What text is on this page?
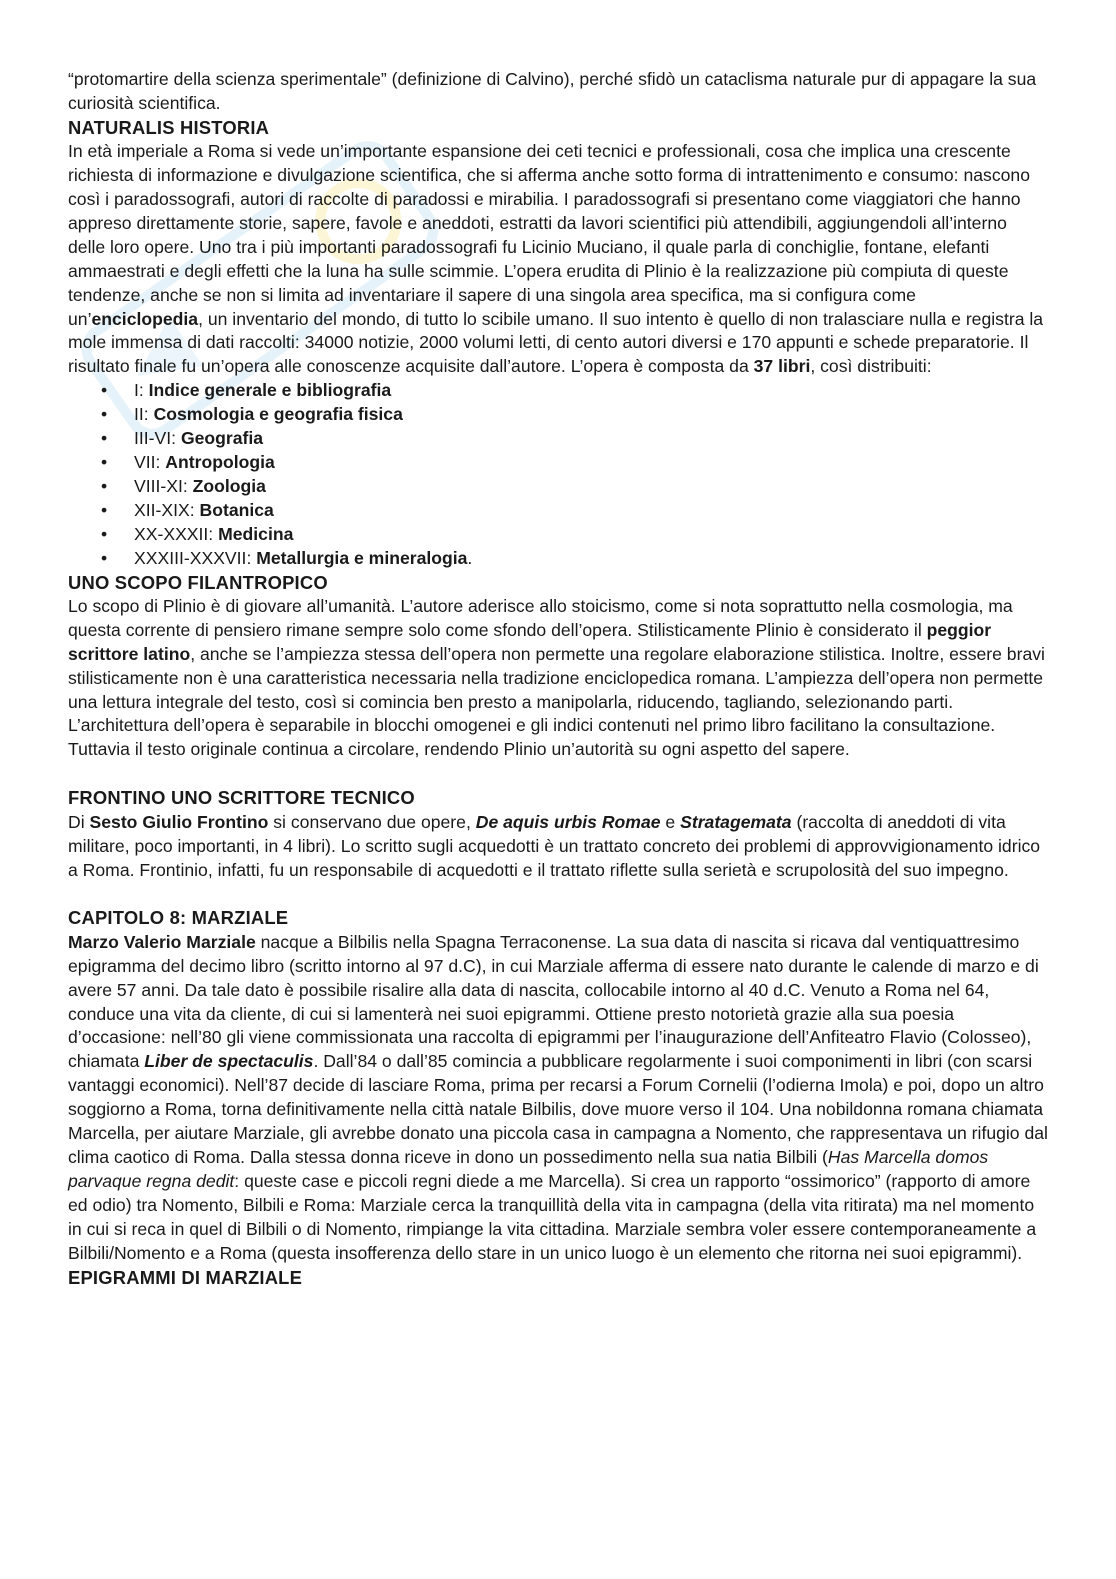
“protomartire della scienza sperimentale” (definizione di Calvino), perché sfidò un cataclisma naturale pur di appagare la sua curiosità scientifica.

NATURALIS HISTORIA

In età imperiale a Roma si vede un’importante espansione dei ceti tecnici e professionali, cosa che implica una crescente richiesta di informazione e divulgazione scientifica, che si afferma anche sotto forma di intrattenimento e consumo: nascono così i paradossografi, autori di raccolte di paradossi e mirabilia. I paradossografi si presentano come viaggiatori che hanno appreso direttamente storie, sapere, favole e aneddoti, estratti da lavori scientifici più attendibili, aggiungendoli all’interno delle loro opere. Uno tra i più importanti paradossografi fu Licinio Muciano, il quale parla di conchiglie, fontane, elefanti ammaestrati e degli effetti che la luna ha sulle scimmie. L’opera erudita di Plinio è la realizzazione più compiuta di queste tendenze, anche se non si limita ad inventariare il sapere di una singola area specifica, ma si configura come un’enciclopedia, un inventario del mondo, di tutto lo scibile umano. Il suo intento è quello di non tralasciare nulla e registra la mole immensa di dati raccolti: 34000 notizie, 2000 volumi letti, di cento autori diversi e 170 appunti e schede preparatorie. Il risultato finale fu un’opera alle conoscenze acquisite dall’autore. L’opera è composta da 37 libri, così distribuiti:

• I: Indice generale e bibliografia
• II: Cosmologia e geografia fisica
• III-VI: Geografia
• VII: Antropologia
• VIII-XI: Zoologia
• XII-XIX: Botanica
• XX-XXXII: Medicina
• XXXIII-XXXVII: Metallurgia e mineralogia.
UNO SCOPO FILANTROPICO

Lo scopo di Plinio è di giovare all’umanità. L’autore aderisce allo stoicismo, come si nota soprattutto nella cosmologia, ma questa corrente di pensiero rimane sempre solo come sfondo dell’opera. Stilisticamente Plinio è considerato il peggior scrittore latino, anche se l’ampiezza stessa dell’opera non permette una regolare elaborazione stilistica. Inoltre, essere bravi stilisticamente non è una caratteristica necessaria nella tradizione enciclopedica romana. L’ampiezza dell’opera non permette una lettura integrale del testo, così si comincia ben presto a manipolarla, riducendo, tagliando, selezionando parti. L’architettura dell’opera è separabile in blocchi omogenei e gli indici contenuti nel primo libro facilitano la consultazione. Tuttavia il testo originale continua a circolare, rendendo Plinio un’autorità su ogni aspetto del sapere.

FRONTINO UNO SCRITTORE TECNICO

Di Sesto Giulio Frontino si conservano due opere, De aquis urbis Romae e Stratagemata (raccolta di aneddoti di vita militare, poco importanti, in 4 libri). Lo scritto sugli acquedotti è un trattato concreto dei problemi di approvvigionamento idrico a Roma. Frontinio, infatti, fu un responsabile di acquedotti e il trattato riflette sulla serietà e scrupolosità del suo impegno.

CAPITOLO 8: MARZIALE

Marzo Valerio Marziale nacque a Bilbilis nella Spagna Terraconense. La sua data di nascita si ricava dal ventiquattresimo epigramma del decimo libro (scritto intorno al 97 d.C), in cui Marziale afferma di essere nato durante le calende di marzo e di avere 57 anni. Da tale dato è possibile risalire alla data di nascita, collocabile intorno al 40 d.C. Venuto a Roma nel 64, conduce una vita da cliente, di cui si lamenterà nei suoi epigrammi. Ottiene presto notorietà grazie alla sua poesia d’occasione: nell’80 gli viene commissionata una raccolta di epigrammi per l’inaugurazione dell’Anfiteatro Flavio (Colosseo), chiamata Liber de spectaculis. Dall’84 o dall’85 comincia a pubblicare regolarmente i suoi componimenti in libri (con scarsi vantaggi economici). Nell’87 decide di lasciare Roma, prima per recarsi a Forum Cornelii (l’odierna Imola) e poi, dopo un altro soggiorno a Roma, torna definitivamente nella città natale Bilbilis, dove muore verso il 104. Una nobildonna romana chiamata Marcella, per aiutare Marziale, gli avrebbe donato una piccola casa in campagna a Nomento, che rappresentava un rifugio dal clima caotico di Roma. Dalla stessa donna riceve in dono un possedimento nella sua natia Bilbili (Has Marcella domos parvaque regna dedit: queste case e piccoli regni diede a me Marcella). Si crea un rapporto “ossimorico” (rapporto di amore ed odio) tra Nomento, Bilbili e Roma: Marziale cerca la tranquillità della vita in campagna (della vita ritirata) ma nel momento in cui si reca in quel di Bilbili o di Nomento, rimpiange la vita cittadina. Marziale sembra voler essere contemporaneamente a Bilbili/Nomento e a Roma (questa insofferenza dello stare in un unico luogo è un elemento che ritorna nei suoi epigrammi).

EPIGRAMMI DI MARZIALE
